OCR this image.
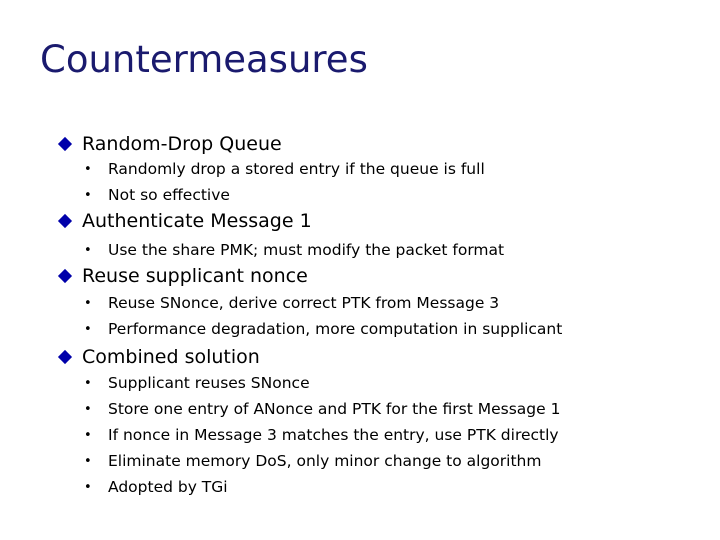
Countermeasures
Random-Drop Queue
•	Randomly drop a stored entry if the queue is full
•	Not so effective
Authenticate Message 1
•	Use the share PMK; must modify the packet format
Reuse supplicant nonce
•	Reuse SNonce, derive correct PTK from Message 3
•	Performance degradation, more computation in supplicant
Combined solution
•	Supplicant reuses SNonce
•	Store one entry of ANonce and PTK for the first Message 1
•	If nonce in Message 3 matches the entry, use PTK directly
•	Eliminate memory DoS, only minor change to algorithm
•	Adopted by TGi
